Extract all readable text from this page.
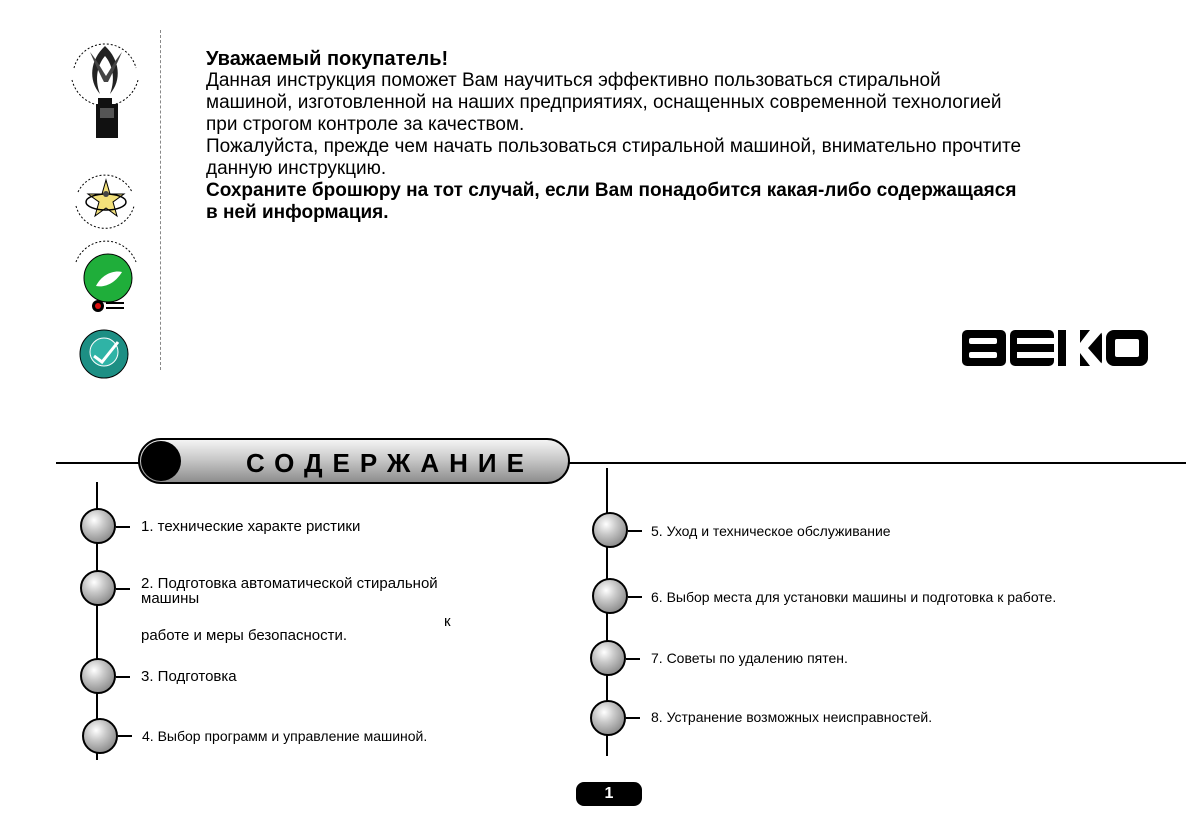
Уважаемый покупатель!

Данная инструкция поможет Вам научиться эффективно пользоваться стиральной

машиной, изготовленной на наших предприятиях, оснащенных современной технологией

при строгом контроле за качеством.

Пожалуйста, прежде чем начать пользоваться стиральной машиной, внимательно прочтите

данную инструкцию.

Сохраните брошюру на тот случай, если Вам понадобится какая-либо содержащаяся

в ней информация.

СОДЕРЖАНИЕ
1. технические характе ристики
2. Подготовка автоматической стиральной
машины
к
работе и меры безопасности.
3. Подготовка
4. Выбор программ и управление машиной.
5. Уход и техническое обслуживание
6. Выбор места для установки машины и подготовка к работе.
7. Советы по удалению пятен.
8. Устранение возможных неисправностей.
1
